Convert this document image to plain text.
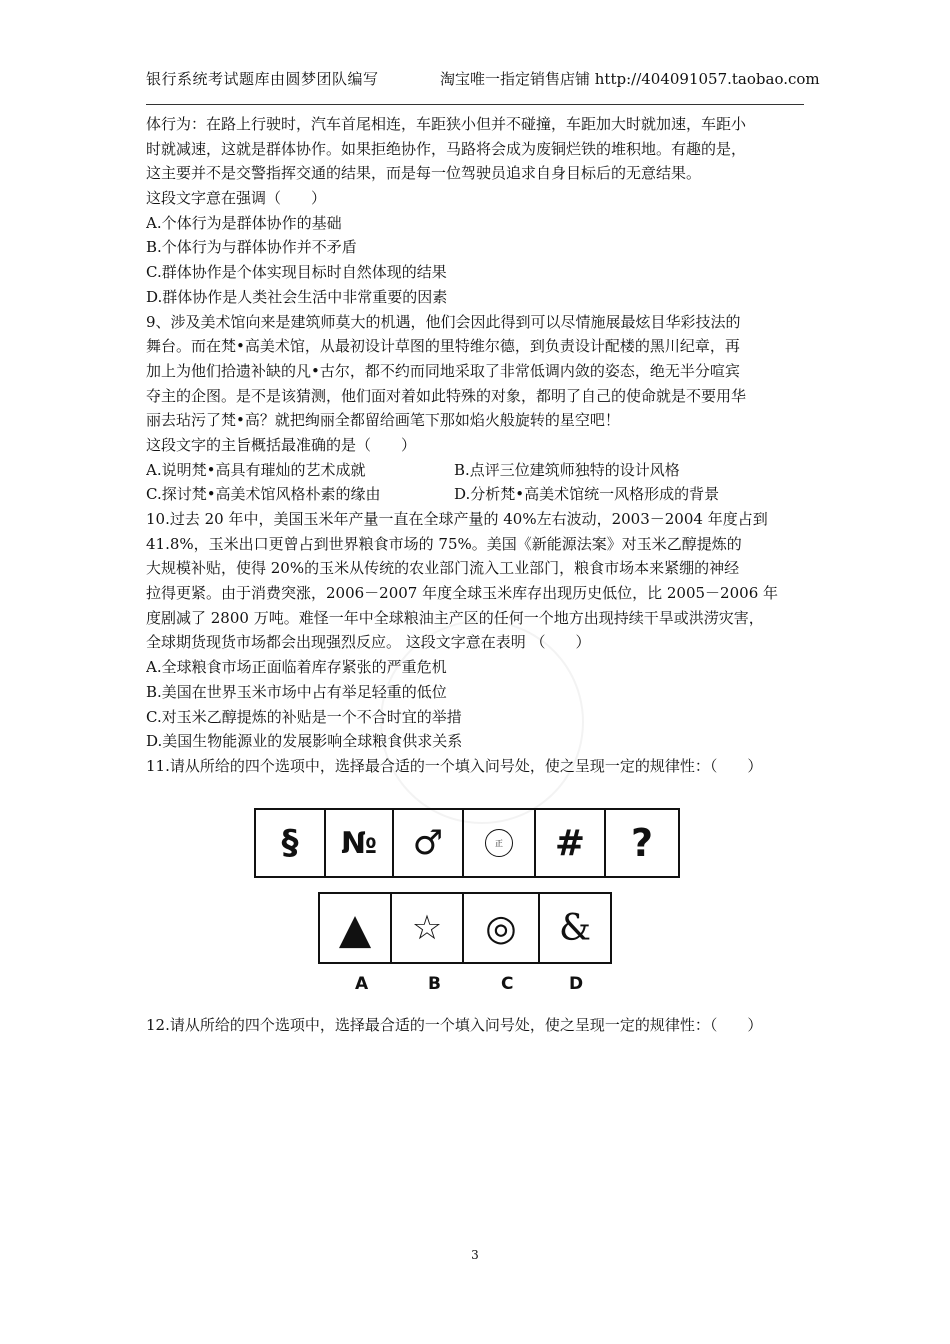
银行系统考试题库由圆梦团队编写	淘宝唯一指定销售店铺 http://404091057.taobao.com
体行为：在路上行驶时，汽车首尾相连，车距狭小但并不碰撞，车距加大时就加速，车距小
时就减速，这就是群体协作。如果拒绝协作，马路将会成为废铜烂铁的堆积地。有趣的是，
这主要并不是交警指挥交通的结果，而是每一位驾驶员追求自身目标后的无意结果。
这段文字意在强调（　　）
A.个体行为是群体协作的基础
B.个体行为与群体协作并不矛盾
C.群体协作是个体实现目标时自然体现的结果
D.群体协作是人类社会生活中非常重要的因素
9、涉及美术馆向来是建筑师莫大的机遇，他们会因此得到可以尽情施展最炫目华彩技法的
舞台。而在梵•高美术馆，从最初设计草图的里特维尔德，到负责设计配楼的黑川纪章，再
加上为他们拾遗补缺的凡•古尔，都不约而同地采取了非常低调内敛的姿态，绝无半分喧宾
夺主的企图。是不是该猜测，他们面对着如此特殊的对象，都明了自己的使命就是不要用华
丽去玷污了梵•高？就把绚丽全都留给画笔下那如焰火般旋转的星空吧！
这段文字的主旨概括最准确的是（　　）
A.说明梵•高具有璀灿的艺术成就	B.点评三位建筑师独特的设计风格
C.探讨梵•高美术馆风格朴素的缘由	D.分析梵•高美术馆统一风格形成的背景
10.过去 20 年中，美国玉米年产量一直在全球产量的 40%左右波动，2003－2004 年度占到
41.8%，玉米出口更曾占到世界粮食市场的 75%。美国《新能源法案》对玉米乙醇提炼的
大规模补贴，使得 20%的玉米从传统的农业部门流入工业部门，粮食市场本来紧绷的神经
拉得更紧。由于消费突涨，2006－2007 年度全球玉米库存出现历史低位，比 2005－2006 年
度剧减了 2800 万吨。难怪一年中全球粮油主产区的任何一个地方出现持续干旱或洪涝灾害，
全球期货现货市场都会出现强烈反应。 这段文字意在表明 （　　）
A.全球粮食市场正面临着库存紧张的严重危机
B.美国在世界玉米市场中占有举足轻重的低位
C.对玉米乙醇提炼的补贴是一个不合时宜的举措
D.美国生物能源业的发展影响全球粮食供求关系
11.请从所给的四个选项中，选择最合适的一个填入问号处，使之呈现一定的规律性：（　　）
§	№	♂	正	#	?
▲	☆	◎	&
A	B	C	D
12.请从所给的四个选项中，选择最合适的一个填入问号处，使之呈现一定的规律性：（　　）
3
